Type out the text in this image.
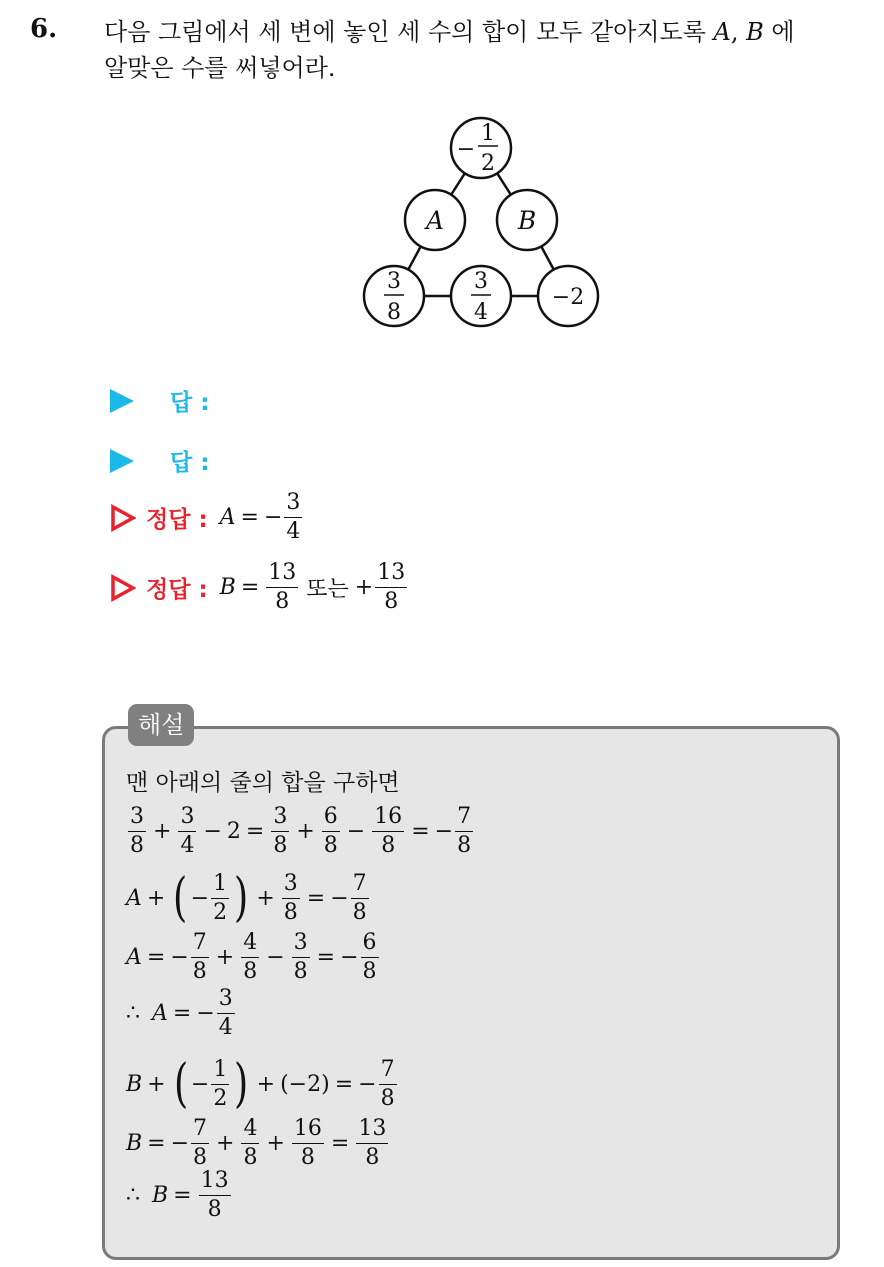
6. 다음 그림에서 세 변에 놓인 세 수의 합이 모두 같아지도록 A, B 에
알맞은 수를 써넣어라.
−
1
2
A	B
3
8
3
4
−2
답 :
답 :
정답 : A = − $\frac{3}{4}$
정답 : $B = \frac{13}{8}$ 또는 + $\frac{13}{8}$
해설
맨 아래의 줄의 합을 구하면
$\frac{3}{8} + \frac{3}{4} - 2 = \frac{3}{8} + \frac{6}{8} - \frac{16}{8}$ = − $\frac{7}{8}$
A + ( − $\frac{1}{2}$ ) + $\frac{3}{8}$ = − $\frac{7}{8}$
A = − $\frac{7}{8} + \frac{4}{8} - \frac{3}{8}$ = − $\frac{6}{8}$
∴ A = − $\frac{3}{4}$
B + ( − $\frac{1}{2}$ ) + (−2) = − $\frac{7}{8}$
B = − $\frac{7}{8} + \frac{4}{8} + \frac{16}{8} = \frac{13}{8}$
∴ $B = \frac{13}{8}$
